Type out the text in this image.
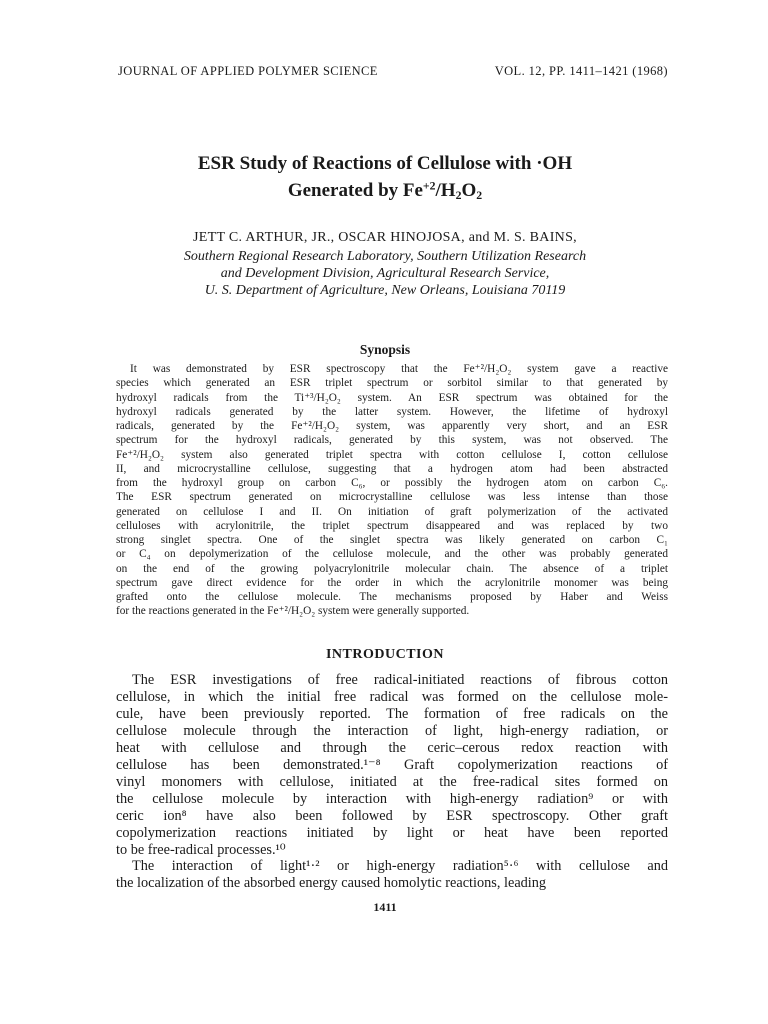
JOURNAL OF APPLIED POLYMER SCIENCE	VOL. 12, PP. 1411–1421 (1968)
ESR Study of Reactions of Cellulose with ·OH
Generated by $Fe^{+2}/H_2O_2$
JETT C. ARTHUR, JR., OSCAR HINOJOSA, and M. S. BAINS,
Southern Regional Research Laboratory, Southern Utilization Research
and Development Division, Agricultural Research Service,
U. S. Department of Agriculture, New Orleans, Louisiana 70119
Synopsis
It was demonstrated by ESR spectroscopy that the Fe⁺²/H₂O₂ system gave a reactive
species which generated an ESR triplet spectrum or sorbitol similar to that generated by
hydroxyl radicals from the Ti⁺³/H₂O₂ system. An ESR spectrum was obtained for the
hydroxyl radicals generated by the latter system. However, the lifetime of hydroxyl
radicals, generated by the Fe⁺²/H₂O₂ system, was apparently very short, and an ESR
spectrum for the hydroxyl radicals, generated by this system, was not observed. The
Fe⁺²/H₂O₂ system also generated triplet spectra with cotton cellulose I, cotton cellulose
II, and microcrystalline cellulose, suggesting that a hydrogen atom had been abstracted
from the hydroxyl group on carbon C₆, or possibly the hydrogen atom on carbon C₆.
The ESR spectrum generated on microcrystalline cellulose was less intense than those
generated on cellulose I and II. On initiation of graft polymerization of the activated
celluloses with acrylonitrile, the triplet spectrum disappeared and was replaced by two
strong singlet spectra. One of the singlet spectra was likely generated on carbon C₁
or C₄ on depolymerization of the cellulose molecule, and the other was probably generated
on the end of the growing polyacrylonitrile molecular chain. The absence of a triplet
spectrum gave direct evidence for the order in which the acrylonitrile monomer was being
grafted onto the cellulose molecule. The mechanisms proposed by Haber and Weiss
for the reactions generated in the Fe⁺²/H₂O₂ system were generally supported.
INTRODUCTION
The ESR investigations of free radical-initiated reactions of fibrous cotton
cellulose, in which the initial free radical was formed on the cellulose mole-
cule, have been previously reported. The formation of free radicals on the
cellulose molecule through the interaction of light, high-energy radiation, or
heat with cellulose and through the ceric–cerous redox reaction with
cellulose has been demonstrated.¹⁻⁸ Graft copolymerization reactions of
vinyl monomers with cellulose, initiated at the free-radical sites formed on
the cellulose molecule by interaction with high-energy radiation⁹ or with
ceric ion⁸ have also been followed by ESR spectroscopy. Other graft
copolymerization reactions initiated by light or heat have been reported
to be free-radical processes.¹⁰
The interaction of light¹·² or high-energy radiation⁵·⁶ with cellulose and
the localization of the absorbed energy caused homolytic reactions, leading
1411
